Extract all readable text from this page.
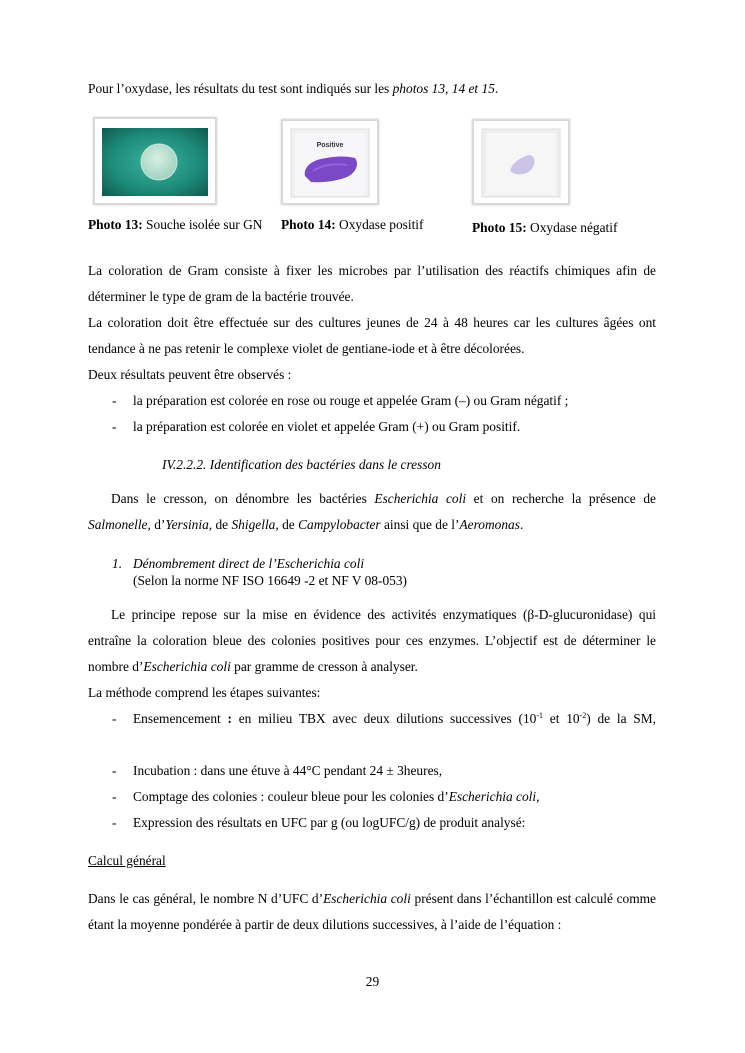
Pour l’oxydase, les résultats du test sont indiqués sur les photos 13, 14 et 15.
Positive
Photo 13: Souche isolée sur GN	Photo 14: Oxydase positif	Photo 15: Oxydase négatif
La coloration de Gram consiste à fixer les microbes par l’utilisation des réactifs chimiques afin de déterminer le type de gram de la bactérie trouvée.
La coloration doit être effectuée sur des cultures jeunes de 24 à 48 heures car les cultures âgées ont tendance à ne pas retenir le complexe violet de gentiane-iode et à être décolorées.
Deux résultats peuvent être observés :
- la préparation est colorée en rose ou rouge et appelée Gram (–) ou Gram négatif ;
- la préparation est colorée en violet et appelée Gram (+) ou Gram positif.
IV.2.2.2. Identification des bactéries dans le cresson
Dans le cresson, on dénombre les bactéries Escherichia coli et on recherche la présence de Salmonelle, d’Yersinia, de Shigella, de Campylobacter ainsi que de l’Aeromonas.
1. Dénombrement direct de l’Escherichia coli
(Selon la norme NF ISO 16649 -2 et NF V 08-053)
Le principe repose sur la mise en évidence des activités enzymatiques (β-D-glucuronidase) qui entraîne la coloration bleue des colonies positives pour ces enzymes. L’objectif est de déterminer le nombre d’Escherichia coli par gramme de cresson à analyser.
La méthode comprend les étapes suivantes:
- Ensemencement : en milieu TBX avec deux dilutions successives ($10^{-1}$ et $10^{-2}$) de la SM,
- Incubation : dans une étuve à 44°C pendant 24 ± 3heures,
- Comptage des colonies : couleur bleue pour les colonies d’Escherichia coli,
- Expression des résultats en UFC par g (ou logUFC/g) de produit analysé:
Calcul général
Dans le cas général, le nombre N d’UFC d’Escherichia coli présent dans l’échantillon est calculé comme étant la moyenne pondérée à partir de deux dilutions successives, à l’aide de l’équation :
29
